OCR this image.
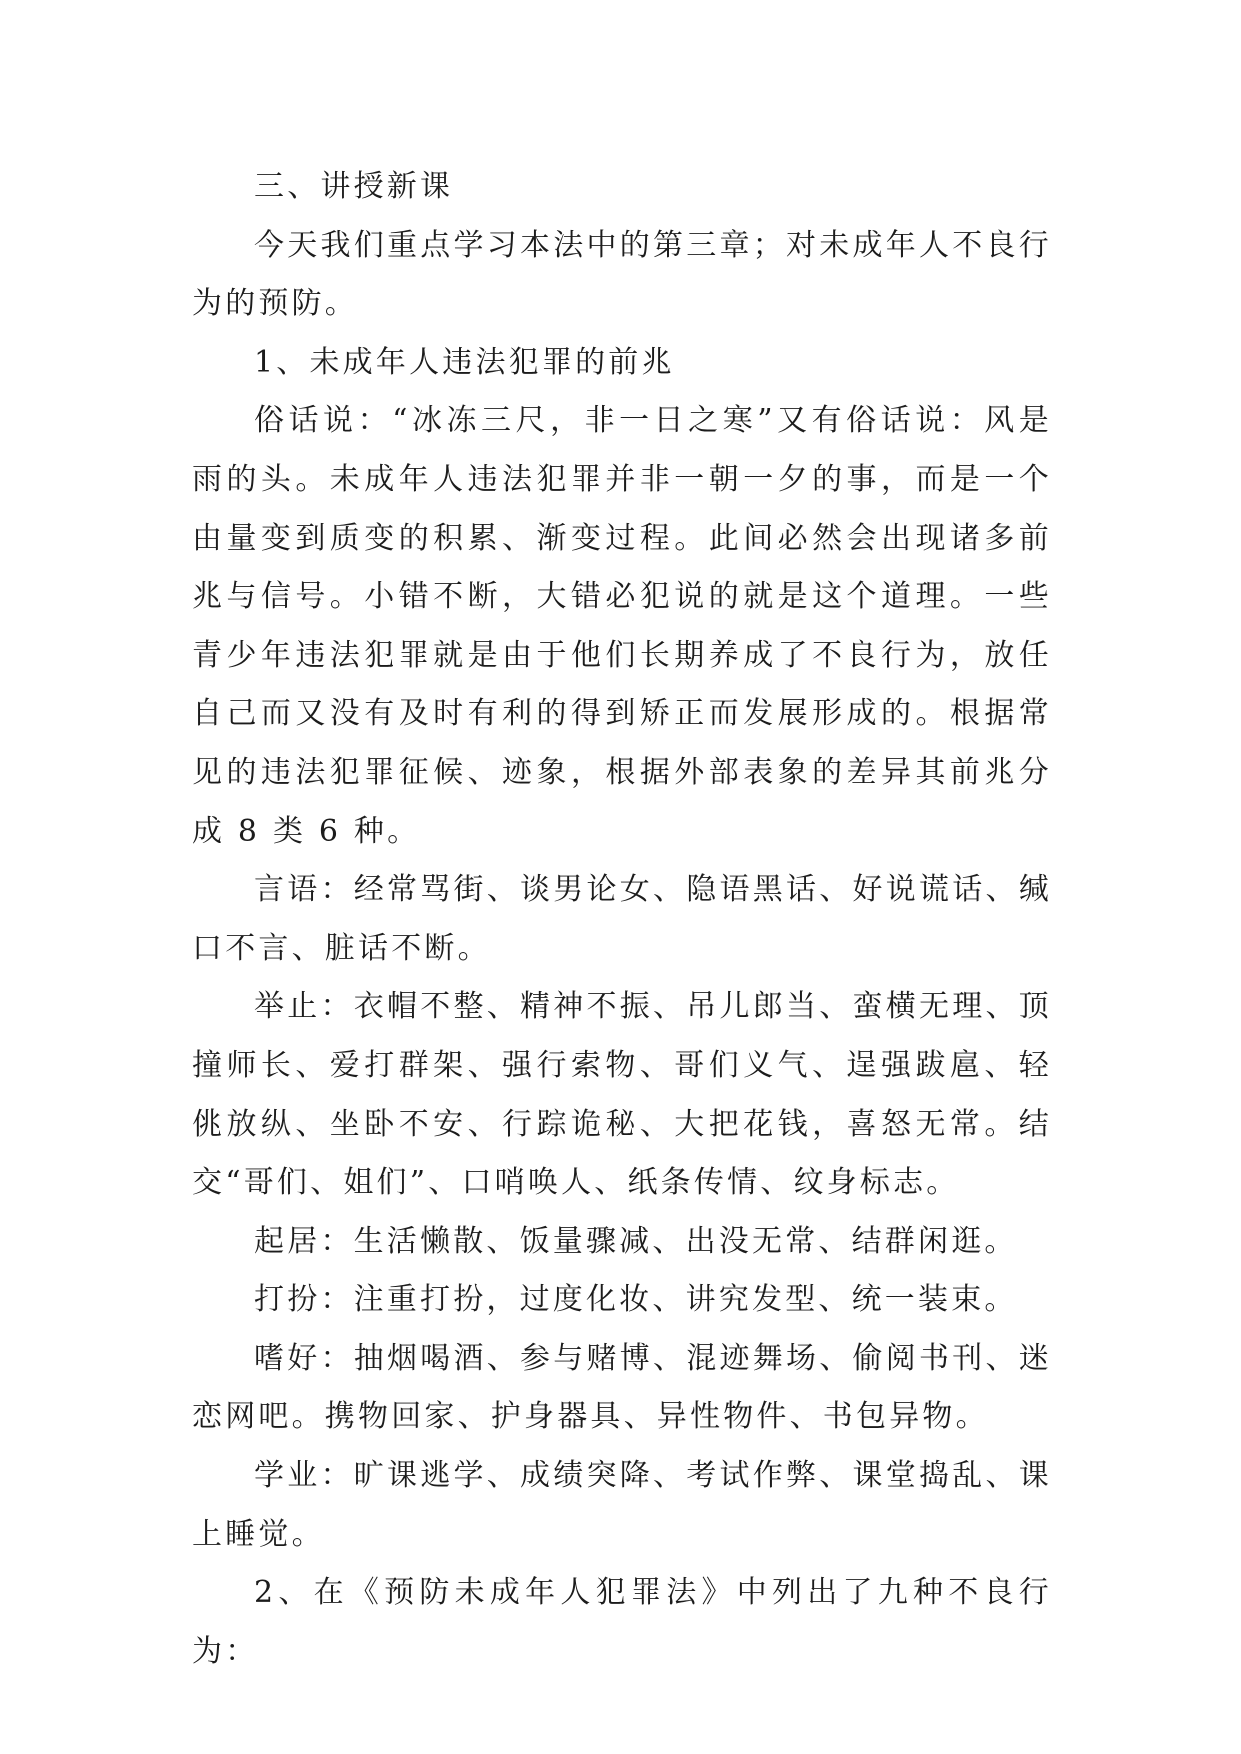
三、讲授新课

今天我们重点学习本法中的第三章；对未成年人不良行为的预防。

1、未成年人违法犯罪的前兆

俗话说：“冰冻三尺，非一日之寒”又有俗话说：风是雨的头。未成年人违法犯罪并非一朝一夕的事，而是一个由量变到质变的积累、渐变过程。此间必然会出现诸多前兆与信号。小错不断，大错必犯说的就是这个道理。一些青少年违法犯罪就是由于他们长期养成了不良行为，放任自己而又没有及时有利的得到矫正而发展形成的。根据常见的违法犯罪征候、迹象，根据外部表象的差异其前兆分成 8 类 6 种。

言语：经常骂街、谈男论女、隐语黑话、好说谎话、缄口不言、脏话不断。

举止：衣帽不整、精神不振、吊儿郎当、蛮横无理、顶撞师长、爱打群架、强行索物、哥们义气、逞强跋扈、轻佻放纵、坐卧不安、行踪诡秘、大把花钱，喜怒无常。结交“哥们、姐们”、口哨唤人、纸条传情、纹身标志。

起居：生活懒散、饭量骤减、出没无常、结群闲逛。

打扮：注重打扮，过度化妆、讲究发型、统一装束。

嗜好：抽烟喝酒、参与赌博、混迹舞场、偷阅书刊、迷恋网吧。携物回家、护身器具、异性物件、书包异物。

学业：旷课逃学、成绩突降、考试作弊、课堂捣乱、课上睡觉。

2、在《预防未成年人犯罪法》中列出了九种不良行为：
